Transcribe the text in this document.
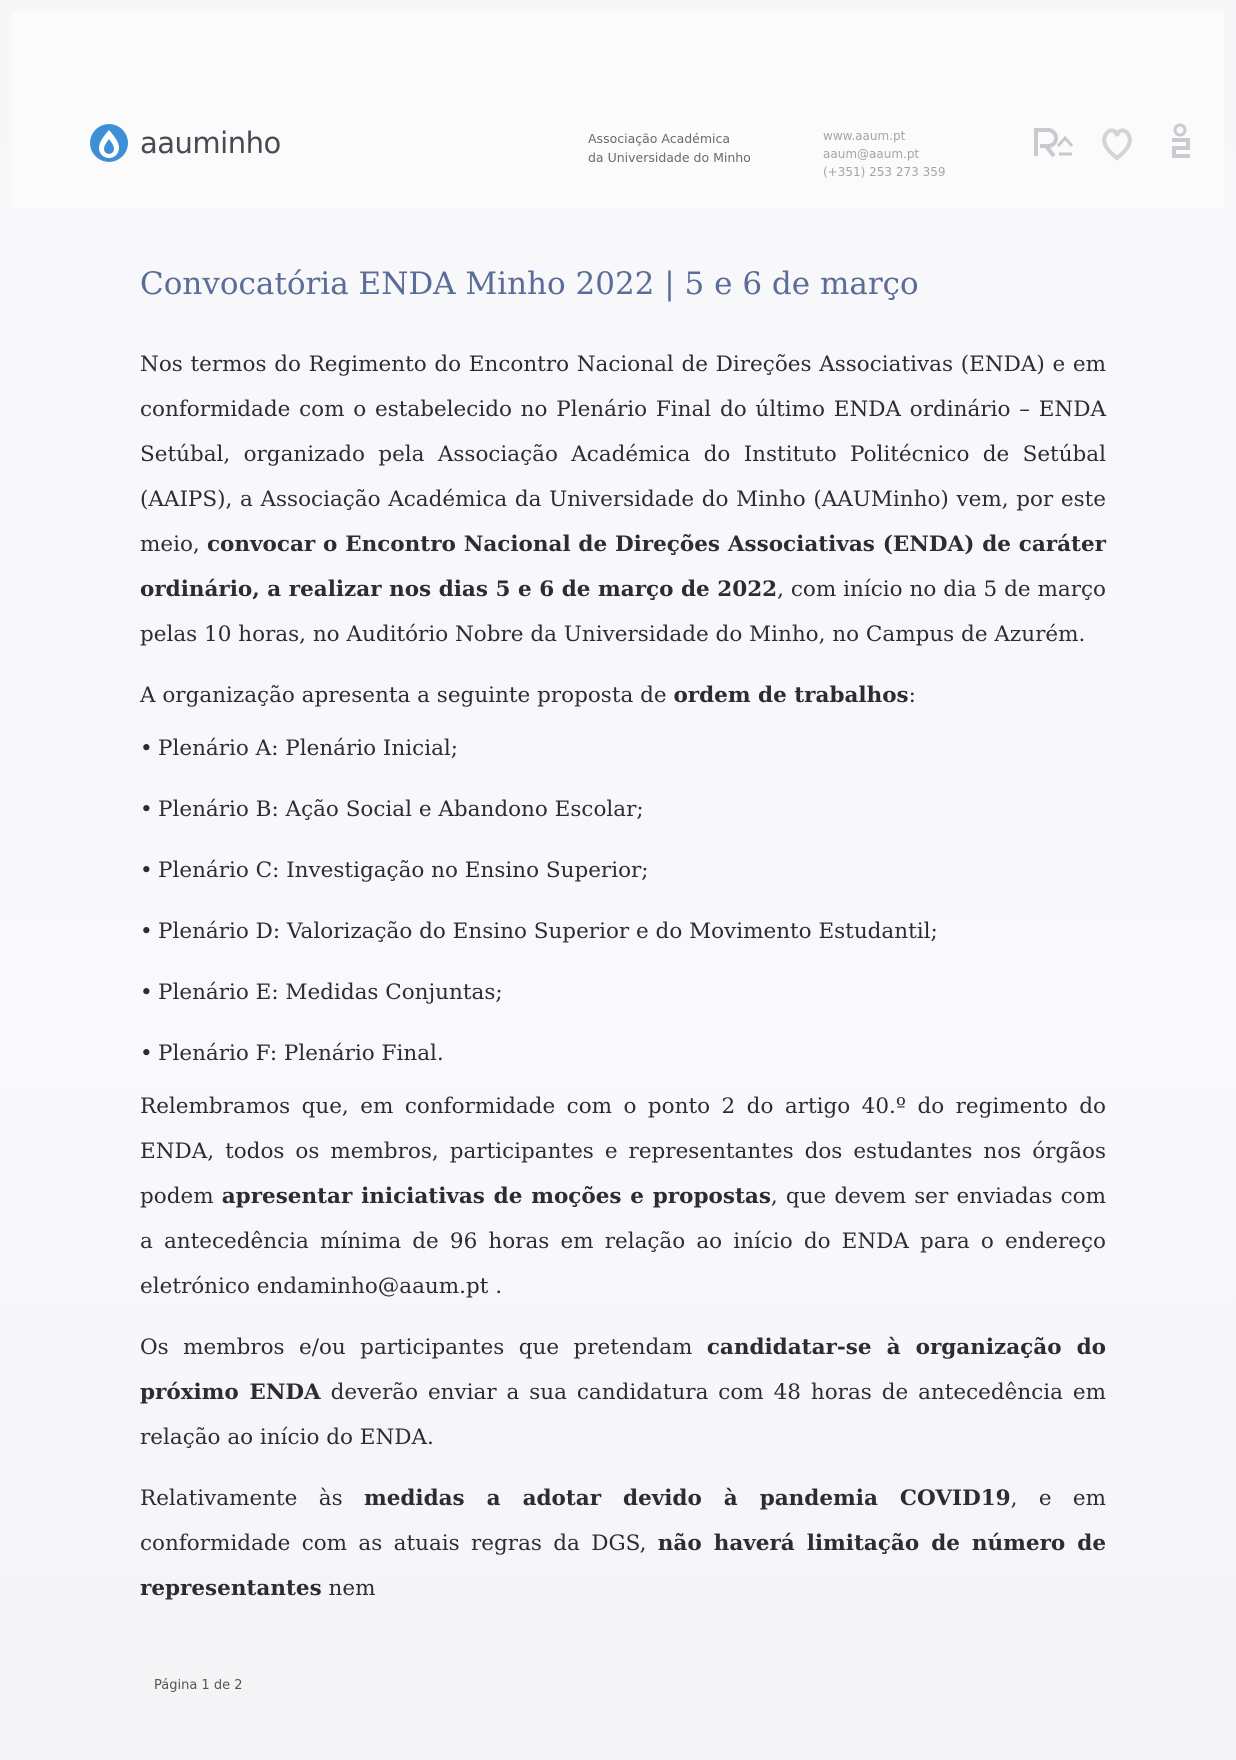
aauminho	Associação Académica
da Universidade do Minho
www.aaum.pt
aaum@aaum.pt
(+351) 253 273 359
Convocatória ENDA Minho 2022 | 5 e 6 de março

Nos termos do Regimento do Encontro Nacional de Direções Associativas (ENDA) e em conformidade com o estabelecido no Plenário Final do último ENDA ordinário – ENDA Setúbal, organizado pela Associação Académica do Instituto Politécnico de Setúbal (AAIPS), a Associação Académica da Universidade do Minho (AAUMinho) vem, por este meio, convocar o Encontro Nacional de Direções Associativas (ENDA) de caráter ordinário, a realizar nos dias 5 e 6 de março de 2022, com início no dia 5 de março pelas 10 horas, no Auditório Nobre da Universidade do Minho, no Campus de Azurém.

A organização apresenta a seguinte proposta de ordem de trabalhos:

• Plenário A: Plenário Inicial;
• Plenário B: Ação Social e Abandono Escolar;
• Plenário C: Investigação no Ensino Superior;
• Plenário D: Valorização do Ensino Superior e do Movimento Estudantil;
• Plenário E: Medidas Conjuntas;
• Plenário F: Plenário Final.

Relembramos que, em conformidade com o ponto 2 do artigo 40.º do regimento do ENDA, todos os membros, participantes e representantes dos estudantes nos órgãos podem apresentar iniciativas de moções e propostas, que devem ser enviadas com a antecedência mínima de 96 horas em relação ao início do ENDA para o endereço eletrónico endaminho@aaum.pt .

Os membros e/ou participantes que pretendam candidatar-se à organização do próximo ENDA deverão enviar a sua candidatura com 48 horas de antecedência em relação ao início do ENDA.

Relativamente às medidas a adotar devido à pandemia COVID19, e em conformidade com as atuais regras da DGS, não haverá limitação de número de representantes nem

Página 1 de 2
